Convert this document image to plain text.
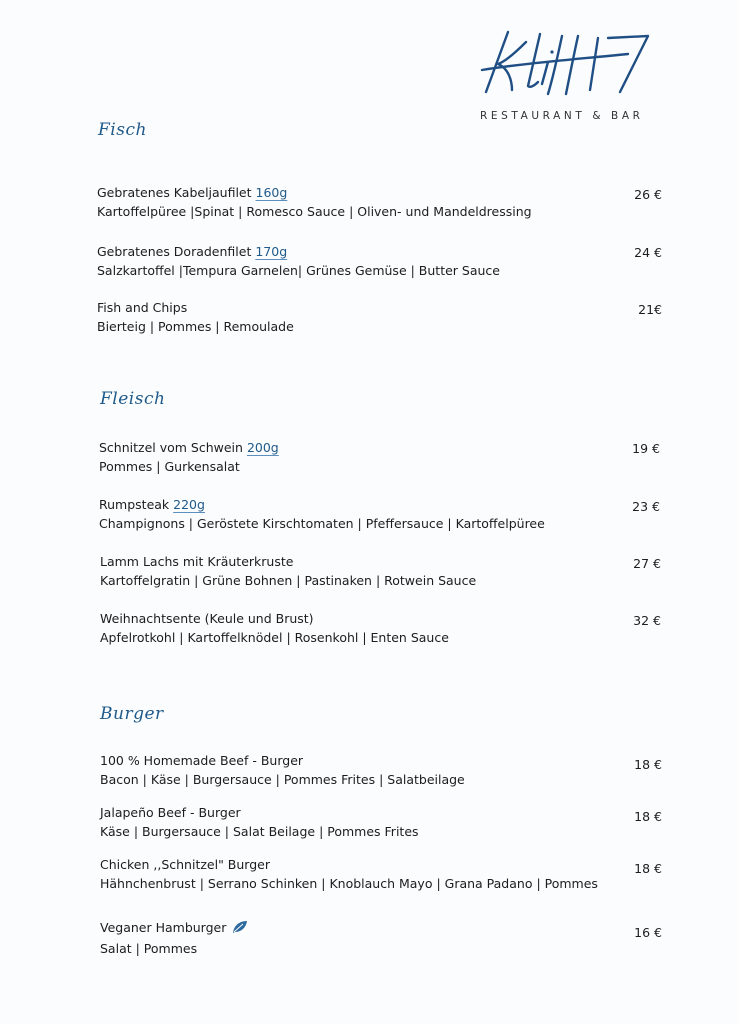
RESTAURANT & BAR
Fisch
Gebratenes Kabeljaufilet 160g
Kartoffelpüree |Spinat | Romesco Sauce | Oliven- und Mandeldressing
26 €
Gebratenes Doradenfilet 170g
Salzkartoffel |Tempura Garnelen| Grünes Gemüse | Butter Sauce
24 €
Fish and Chips
Bierteig | Pommes | Remoulade
21€
Fleisch
Schnitzel vom Schwein 200g
Pommes | Gurkensalat
19 €
Rumpsteak 220g
Champignons | Geröstete Kirschtomaten | Pfeffersauce | Kartoffelpüree
23 €
Lamm Lachs mit Kräuterkruste
Kartoffelgratin | Grüne Bohnen | Pastinaken | Rotwein Sauce
27 €
Weihnachtsente (Keule und Brust)
Apfelrotkohl | Kartoffelknödel | Rosenkohl | Enten Sauce
32 €
Burger
100 % Homemade Beef - Burger
Bacon | Käse | Burgersauce | Pommes Frites | Salatbeilage
18 €
Jalapeño Beef - Burger
Käse | Burgersauce | Salat Beilage | Pommes Frites
18 €
Chicken ,,Schnitzel" Burger
Hähnchenbrust | Serrano Schinken | Knoblauch Mayo | Grana Padano | Pommes
18 €
Veganer Hamburger
Salat | Pommes
16 €
